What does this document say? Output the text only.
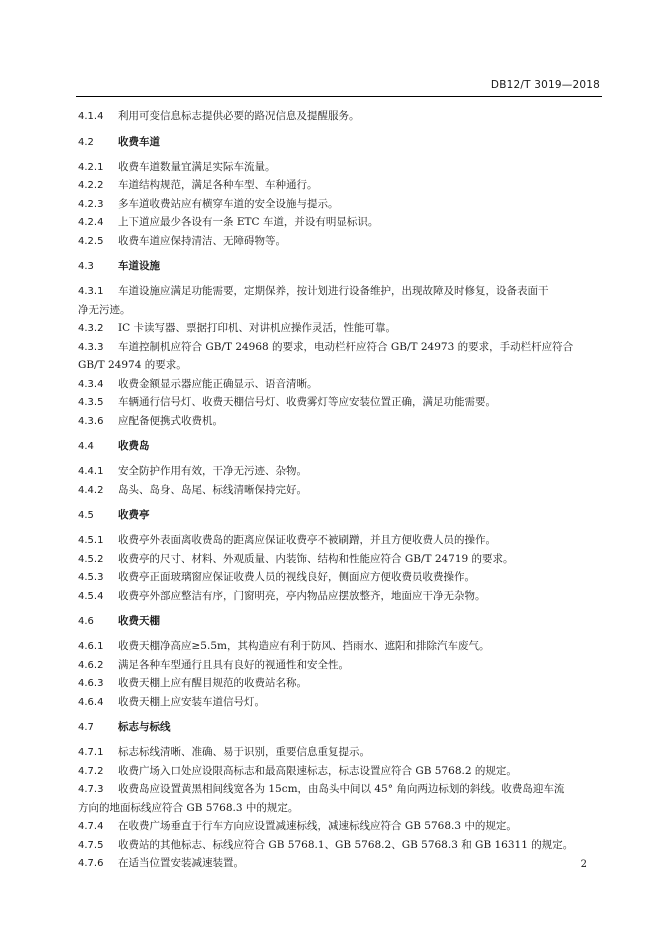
DB12/T 3019—2018
4.1.4 利用可变信息标志提供必要的路况信息及提醒服务。
4.2 收费车道
4.2.1 收费车道数量宜满足实际车流量。
4.2.2 车道结构规范，满足各种车型、车种通行。
4.2.3 多车道收费站应有横穿车道的安全设施与提示。
4.2.4 上下道应最少各设有一条 ETC 车道，并设有明显标识。
4.2.5 收费车道应保持清洁、无障碍物等。
4.3 车道设施
4.3.1 车道设施应满足功能需要，定期保养，按计划进行设备维护，出现故障及时修复，设备表面干
净无污迹。
4.3.2 IC 卡读写器、票据打印机、对讲机应操作灵活，性能可靠。
4.3.3 车道控制机应符合 GB/T 24968 的要求，电动栏杆应符合 GB/T 24973 的要求，手动栏杆应符合
GB/T 24974 的要求。
4.3.4 收费金额显示器应能正确显示、语音清晰。
4.3.5 车辆通行信号灯、收费天棚信号灯、收费雾灯等应安装位置正确，满足功能需要。
4.3.6 应配备便携式收费机。
4.4 收费岛
4.4.1 安全防护作用有效，干净无污迹、杂物。
4.4.2 岛头、岛身、岛尾、标线清晰保持完好。
4.5 收费亭
4.5.1 收费亭外表面离收费岛的距离应保证收费亭不被刷蹭，并且方便收费人员的操作。
4.5.2 收费亭的尺寸、材料、外观质量、内装饰、结构和性能应符合 GB/T 24719 的要求。
4.5.3 收费亭正面玻璃窗应保证收费人员的视线良好，侧面应方便收费员收费操作。
4.5.4 收费亭外部应整洁有序，门窗明亮，亭内物品应摆放整齐，地面应干净无杂物。
4.6 收费天棚
4.6.1 收费天棚净高应≥5.5m，其构造应有利于防风、挡雨水、遮阳和排除汽车废气。
4.6.2 满足各种车型通行且具有良好的视通性和安全性。
4.6.3 收费天棚上应有醒目规范的收费站名称。
4.6.4 收费天棚上应安装车道信号灯。
4.7 标志与标线
4.7.1 标志标线清晰、准确、易于识别，重要信息重复提示。
4.7.2 收费广场入口处应设限高标志和最高限速标志，标志设置应符合 GB 5768.2 的规定。
4.7.3 收费岛应设置黄黑相间线宽各为 15cm，由岛头中间以 45° 角向两边标划的斜线。收费岛迎车流
方向的地面标线应符合 GB 5768.3 中的规定。
4.7.4 在收费广场垂直于行车方向应设置减速标线，减速标线应符合 GB 5768.3 中的规定。
4.7.5 收费站的其他标志、标线应符合 GB 5768.1、GB 5768.2、GB 5768.3 和 GB 16311 的规定。
4.7.6 在适当位置安装减速装置。	2
